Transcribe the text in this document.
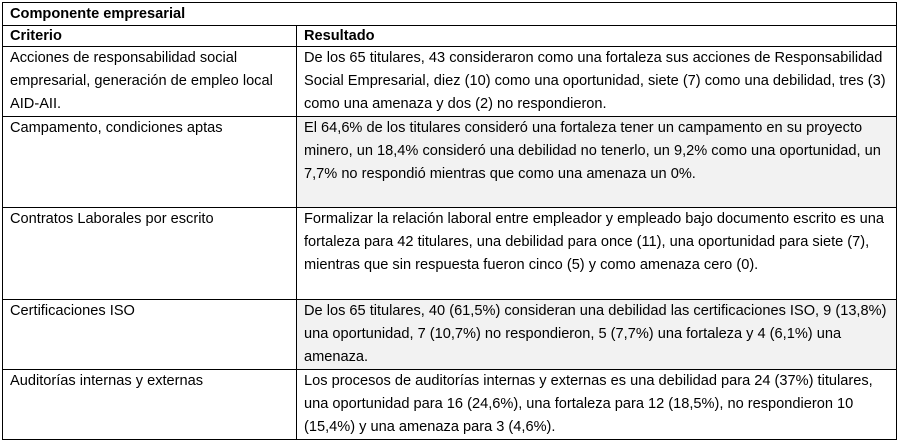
Componente empresarial	
Criterio	Resultado
Acciones de responsabilidad social empresarial, generación de empleo local AID-AII.	De los 65 titulares, 43 consideraron como una fortaleza sus acciones de Responsabilidad Social Empresarial, diez (10) como una oportunidad, siete (7) como una debilidad, tres (3) como una amenaza y dos (2) no respondieron.
Campamento, condiciones aptas	El 64,6% de los titulares consideró una fortaleza tener un campamento en su proyecto minero, un 18,4% consideró una debilidad no tenerlo, un 9,2% como una oportunidad, un 7,7% no respondió mientras que como una amenaza un 0%.
Contratos Laborales por escrito	Formalizar la relación laboral entre empleador y empleado bajo documento escrito es una fortaleza para 42 titulares, una debilidad para once (11), una oportunidad para siete (7), mientras que sin respuesta fueron cinco (5) y como amenaza cero (0).
Certificaciones ISO	De los 65 titulares, 40 (61,5%) consideran una debilidad las certificaciones ISO, 9 (13,8%) una oportunidad, 7 (10,7%) no respondieron, 5 (7,7%) una fortaleza y 4 (6,1%) una amenaza.
Auditorías internas y externas	Los procesos de auditorías internas y externas es una debilidad para 24 (37%) titulares, una oportunidad para 16 (24,6%), una fortaleza para 12 (18,5%), no respondieron 10 (15,4%) y una amenaza para 3 (4,6%).
